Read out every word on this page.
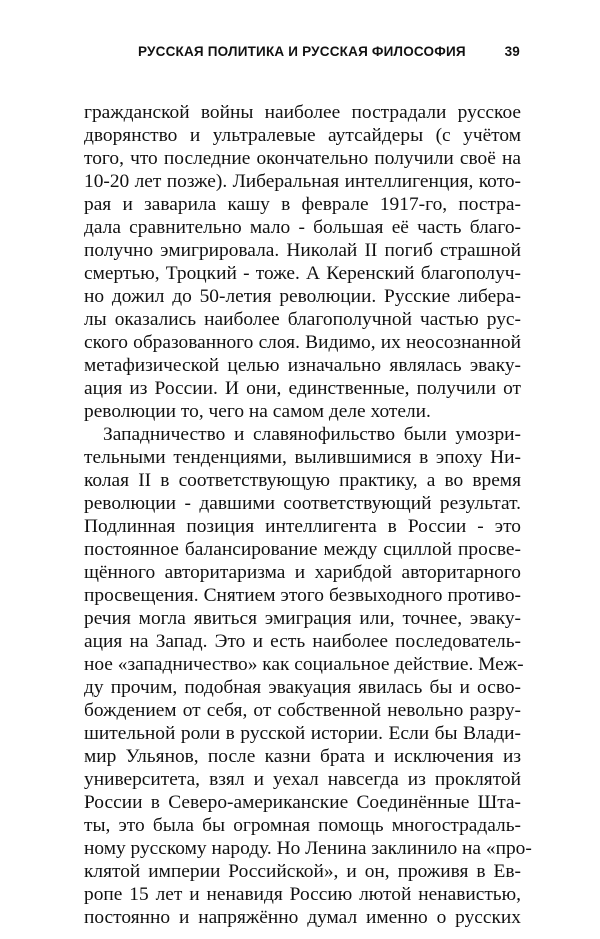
РУССКАЯ ПОЛИТИКА И РУССКАЯ ФИЛОСОФИЯ	39
гражданской войны наиболее пострадали русское
дворянство и ультралевые аутсайдеры (с учётом
того, что последние окончательно получили своё на
10-20 лет позже). Либеральная интеллигенция, кото-
рая и заварила кашу в феврале 1917-го, постра-
дала сравнительно мало - большая её часть благо-
получно эмигрировала. Николай II погиб страшной
смертью, Троцкий - тоже. А Керенский благополуч-
но дожил до 50-летия революции. Русские либера-
лы оказались наиболее благополучной частью рус-
ского образованного слоя. Видимо, их неосознанной
метафизической целью изначально являлась эваку-
ация из России. И они, единственные, получили от
революции то, чего на самом деле хотели.
Западничество и славянофильство были умозри-
тельными тенденциями, вылившимися в эпоху Ни-
колая II в соответствующую практику, а во время
революции - давшими соответствующий результат.
Подлинная позиция интеллигента в России - это
постоянное балансирование между сциллой просве-
щённого авторитаризма и харибдой авторитарного
просвещения. Снятием этого безвыходного противо-
речия могла явиться эмиграция или, точнее, эваку-
ация на Запад. Это и есть наиболее последователь-
ное «западничество» как социальное действие. Меж-
ду прочим, подобная эвакуация явилась бы и осво-
бождением от себя, от собственной невольно разру-
шительной роли в русской истории. Если бы Влади-
мир Ульянов, после казни брата и исключения из
университета, взял и уехал навсегда из проклятой
России в Северо-американские Соединённые Шта-
ты, это была бы огромная помощь многострадаль-
ному русскому народу. Но Ленина заклинило на «про-
клятой империи Российской», и он, проживя в Ев-
ропе 15 лет и ненавидя Россию лютой ненавистью,
постоянно и напряжённо думал именно о русских
